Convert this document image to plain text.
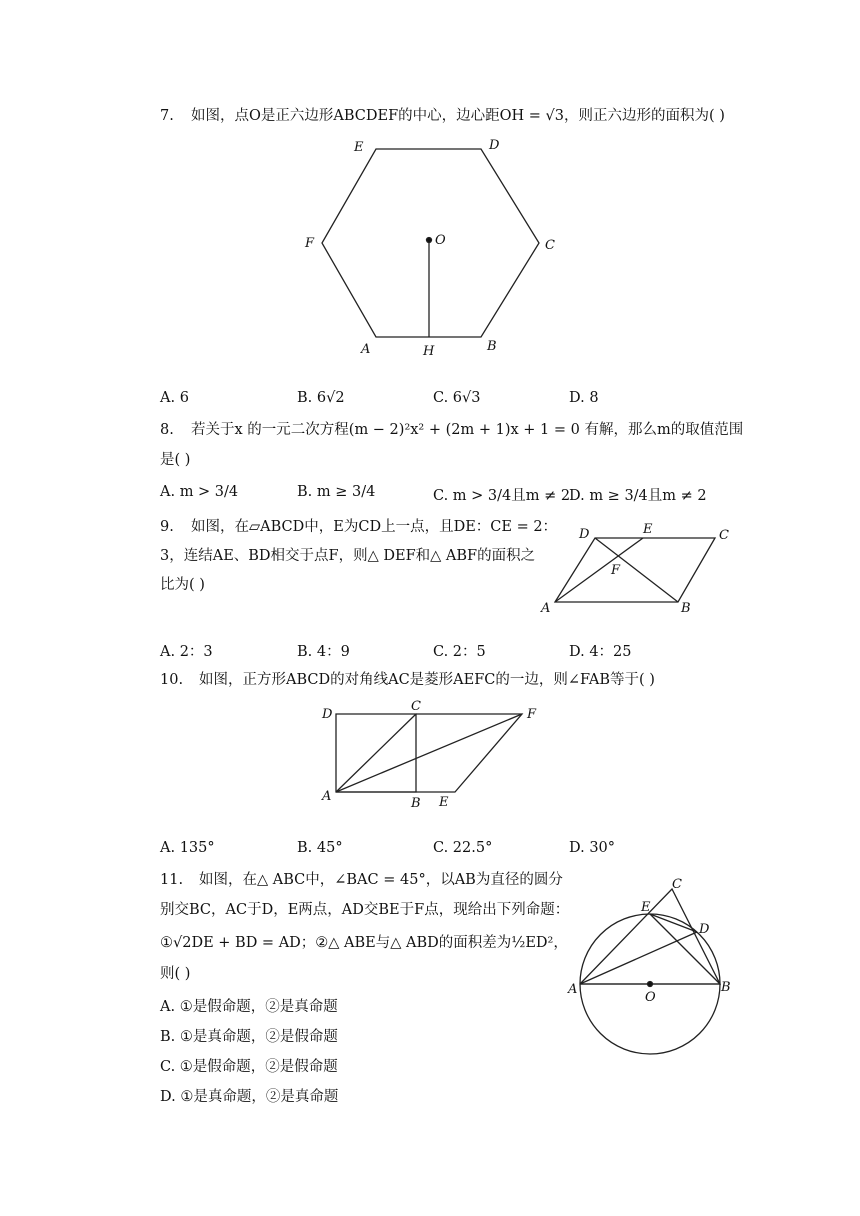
7. 如图，点O是正六边形ABCDEF的中心，边心距OH = √3，则正六边形的面积为( )
E	D
F	O	C
A	H	B
A. 6	B. 6√2	C. 6√3	D. 8
8. 若关于x 的一元二次方程(m − 2)²x² + (2m + 1)x + 1 = 0 有解，那么m的取值范围
是( )
A. m > 3/4	B. m ≥ 3/4	C. m > 3/4且m ≠ 2
D. m ≥ 3/4且m ≠ 2
9. 如图，在▱ABCD中，E为CD上一点，且DE：CE = 2：
3，连结AE、BD相交于点F，则△ DEF和△ ABF的面积之
比为( )
D	E	C
F
A	B
A. 2：3	B. 4：9	C. 2：5	D. 4：25
10. 如图，正方形ABCD的对角线AC是菱形AEFC的一边，则∠FAB等于( )
D
C
F
A	B E
A. 135°	B. 45°	C. 22.5°	D. 30°
11. 如图，在△ ABC中，∠BAC = 45°，以AB为直径的圆分
别交BC，AC于D，E两点，AD交BE于F点，现给出下列命题：
①√2DE + BD = AD；②△ ABE与△ ABD的面积差为½ED²，
则( )
C
E
D
A
O
B
A. ①是假命题，②是真命题
B. ①是真命题，②是假命题
C. ①是假命题，②是假命题
D. ①是真命题，②是真命题
